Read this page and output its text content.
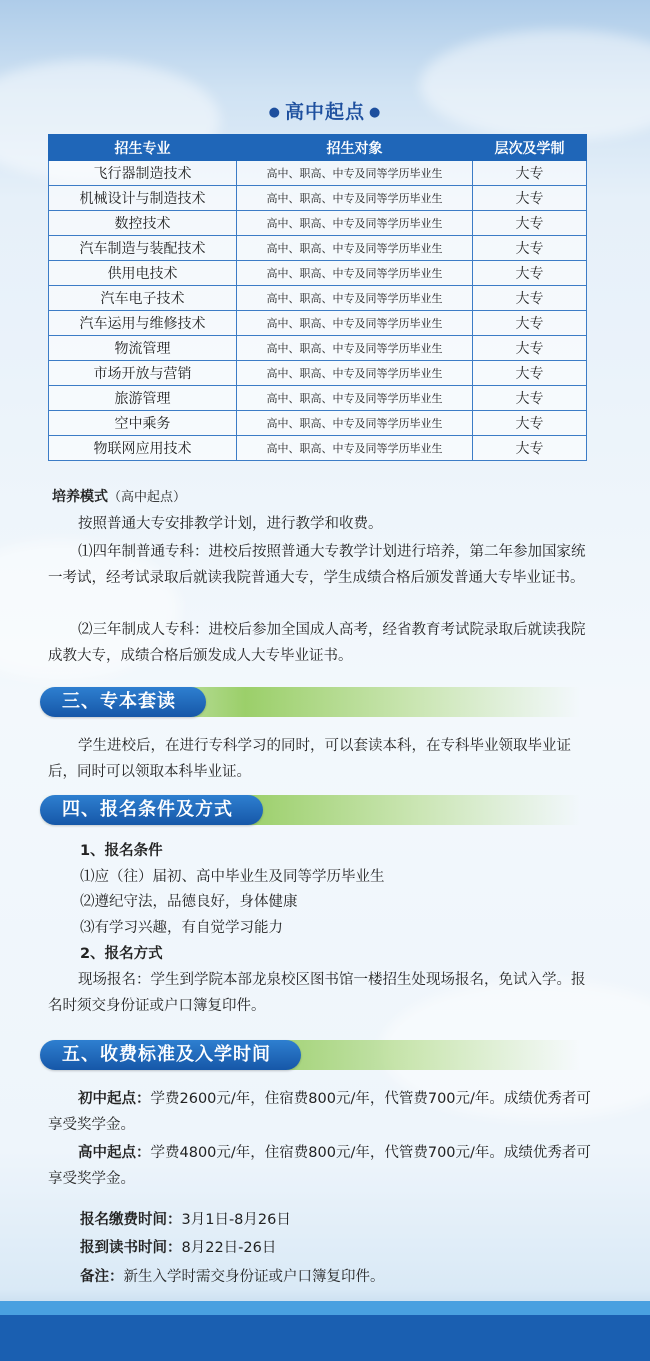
● 高中起点 ●
招生专业	招生对象	层次及学制
飞行器制造技术	高中、职高、中专及同等学历毕业生	大专
机械设计与制造技术	高中、职高、中专及同等学历毕业生	大专
数控技术	高中、职高、中专及同等学历毕业生	大专
汽车制造与装配技术	高中、职高、中专及同等学历毕业生	大专
供用电技术	高中、职高、中专及同等学历毕业生	大专
汽车电子技术	高中、职高、中专及同等学历毕业生	大专
汽车运用与维修技术	高中、职高、中专及同等学历毕业生	大专
物流管理	高中、职高、中专及同等学历毕业生	大专
市场开放与营销	高中、职高、中专及同等学历毕业生	大专
旅游管理	高中、职高、中专及同等学历毕业生	大专
空中乘务	高中、职高、中专及同等学历毕业生	大专
物联网应用技术	高中、职高、中专及同等学历毕业生	大专
培养模式（高中起点）

按照普通大专安排教学计划，进行教学和收费。

⑴四年制普通专科：进校后按照普通大专教学计划进行培养，第二年参加国家统一考试，经考试录取后就读我院普通大专，学生成绩合格后颁发普通大专毕业证书。

⑵三年制成人专科：进校后参加全国成人高考，经省教育考试院录取后就读我院成教大专，成绩合格后颁发成人大专毕业证书。

三、专本套读

学生进校后，在进行专科学习的同时，可以套读本科，在专科毕业领取毕业证后，同时可以领取本科毕业证。

四、报名条件及方式
1、报名条件
⑴应（往）届初、高中毕业生及同等学历毕业生
⑵遵纪守法，品德良好，身体健康
⑶有学习兴趣，有自觉学习能力
2、报名方式

现场报名：学生到学院本部龙泉校区图书馆一楼招生处现场报名，免试入学。报名时须交身份证或户口簿复印件。

五、收费标准及入学时间

初中起点：学费2600元/年，住宿费800元/年，代管费700元/年。成绩优秀者可享受奖学金。

高中起点：学费4800元/年，住宿费800元/年，代管费700元/年。成绩优秀者可享受奖学金。

报名缴费时间：3月1日-8月26日
报到读书时间：8月22日-26日
备注：新生入学时需交身份证或户口簿复印件。
